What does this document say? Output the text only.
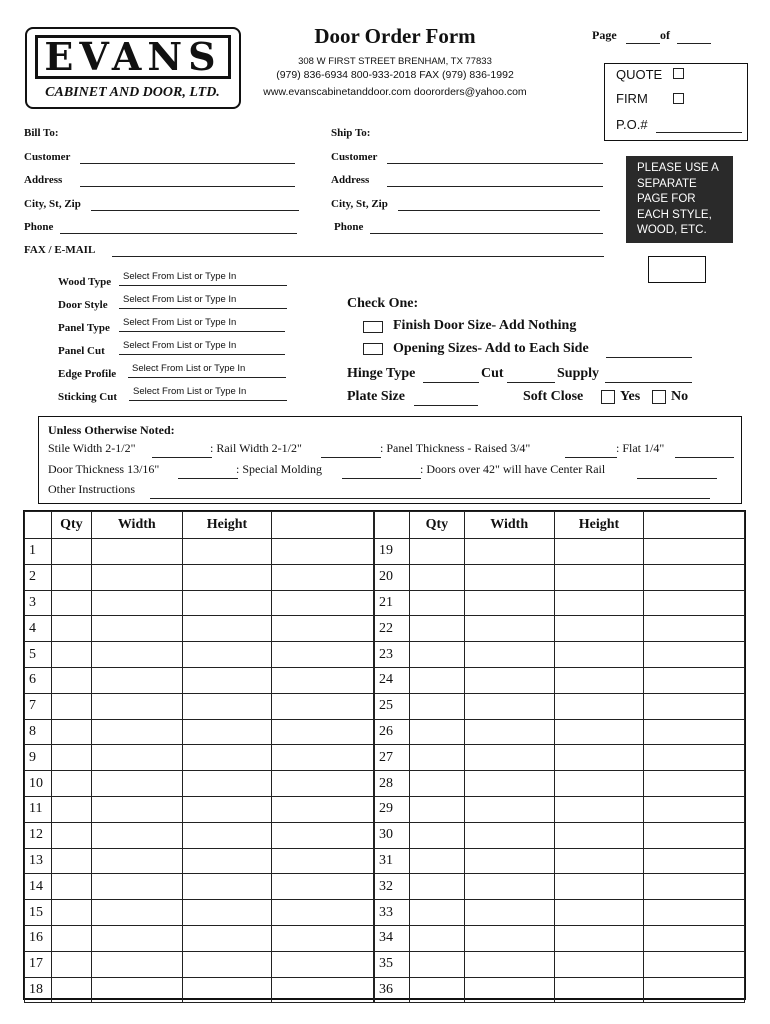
EVANS
CABINET AND DOOR, LTD.
Door Order Form
308 W FIRST STREET BRENHAM, TX 77833
(979) 836-6934 800-933-2018 FAX (979) 836-1992
www.evanscabinetanddoor.com doororders@yahoo.com
Page	of
QUOTE
FIRM
P.O.#
PLEASE USE A SEPARATE PAGE FOR EACH STYLE, WOOD, ETC.
Bill To:
Customer
Address
City, St, Zip
Phone
FAX / E-MAIL
Ship To:
Customer
Address
City, St, Zip
Phone
Wood Type	Select From List or Type In
Door Style	Select From List or Type In
Panel Type	Select From List or Type In
Panel Cut	Select From List or Type In
Edge Profile	Select From List or Type In
Sticking Cut	Select From List or Type In
Check One:
Finish Door Size- Add Nothing
Opening Sizes- Add to Each Side
Hinge Type	Cut	Supply
Plate Size	Soft Close	Yes No
Unless Otherwise Noted:
Stile Width 2-1/2"	: Rail Width 2-1/2"	: Panel Thickness - Raised 3/4"	: Flat 1/4"
Door Thickness 13/16"	: Special Molding	: Doors over 42" will have Center Rail
Other Instructions
	Qty	Width	Height	
1				
2				
3				
4				
5				
6				
7				
8				
9				
10				
11				
12				
13				
14				
15				
16				
17				
18				
	Qty	Width	Height	
19				
20				
21				
22				
23				
24				
25				
26				
27				
28				
29				
30				
31				
32				
33				
34				
35				
36				
